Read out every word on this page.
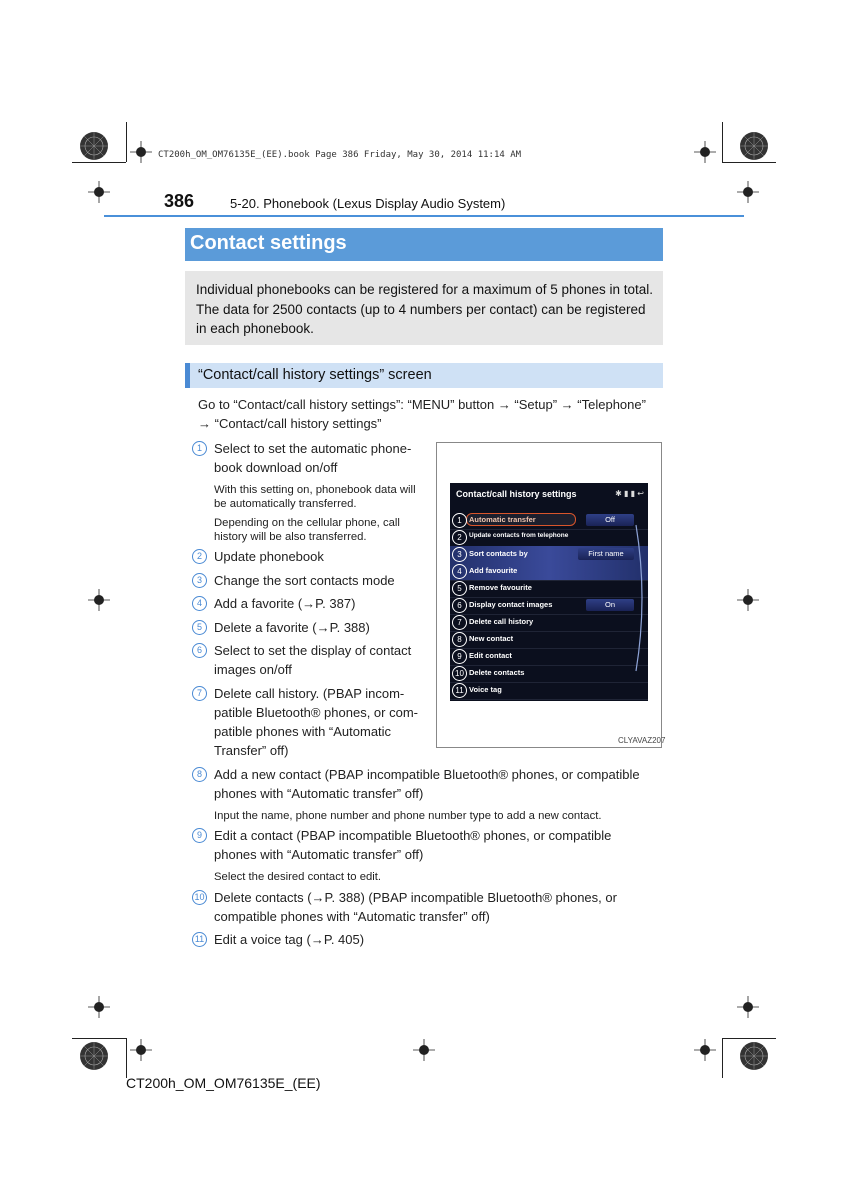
CT200h_OM_OM76135E_(EE).book Page 386 Friday, May 30, 2014 11:14 AM
386	5-20. Phonebook (Lexus Display Audio System)
Contact settings
Individual phonebooks can be registered for a maximum of 5 phones in total.
The data for 2500 contacts (up to 4 numbers per contact) can be registered
in each phonebook.
“Contact/call history settings” screen
Go to “Contact/call history settings”: “MENU” button → “Setup” → “Telephone”
→ “Contact/call history settings”
1 Select to set the automatic phone-
book download on/off
With this setting on, phonebook data will
be automatically transferred.
Depending on the cellular phone, call
history will be also transferred.
2 Update phonebook
3 Change the sort contacts mode
4 Add a favorite (→P. 387)
5 Delete a favorite (→P. 388)
6 Select to set the display of contact
images on/off
7 Delete call history. (PBAP incom-
patible Bluetooth® phones, or com-
patible phones with “Automatic
Transfer” off)
8 Add a new contact (PBAP incompatible Bluetooth® phones, or compatible
phones with “Automatic transfer” off)
Input the name, phone number and phone number type to add a new contact.
9 Edit a contact (PBAP incompatible Bluetooth® phones, or compatible
phones with “Automatic transfer” off)
Select the desired contact to edit.
10 Delete contacts (→P. 388) (PBAP incompatible Bluetooth® phones, or
compatible phones with “Automatic transfer” off)
11 Edit a voice tag (→P. 405)
Contact/call history settings	✱ ▮ ▮ ↩
1 Automatic transfer	Off
2	Update contacts from telephone
3 Sort contacts by	First name
4 Add favourite
5 Remove favourite
6 Display contact images	On
7 Delete call history
8 New contact
9 Edit contact
10 Delete contacts
11 Voice tag
CLYAVAZ207
CT200h_OM_OM76135E_(EE)
